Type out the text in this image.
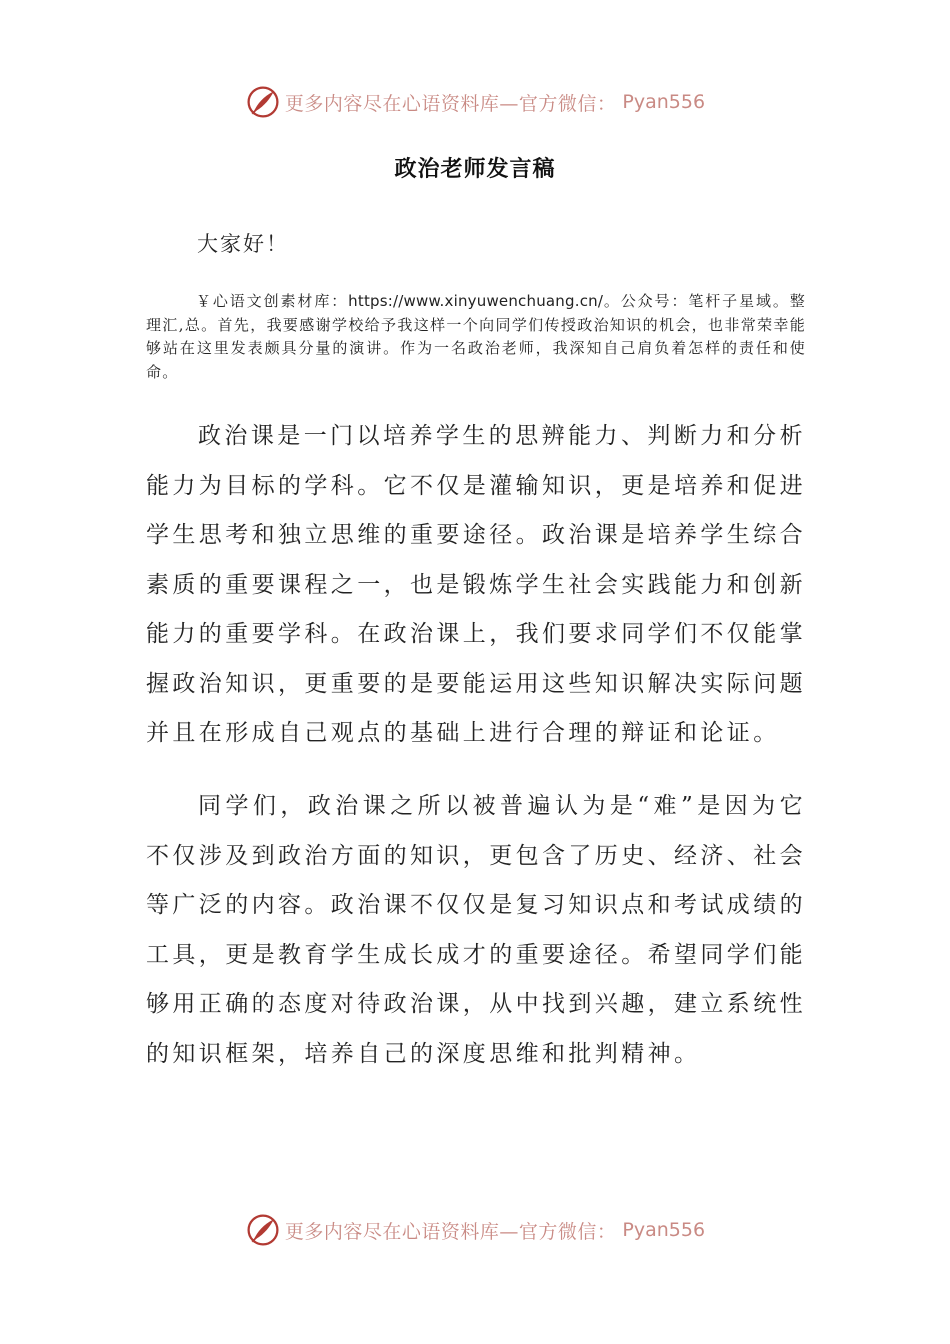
更多内容尽在心语资料库—官方微信： Pyan556
政治老师发言稿
大家好！
￥心语文创素材库：https://www.xinyuwenchuang.cn/。公众号：笔杆子星域。整理汇,总。首先，我要感谢学校给予我这样一个向同学们传授政治知识的机会，也非常荣幸能够站在这里发表颇具分量的演讲。作为一名政治老师，我深知自己肩负着怎样的责任和使命。

政治课是一门以培养学生的思辨能力、判断力和分析能力为目标的学科。它不仅是灌输知识，更是培养和促进学生思考和独立思维的重要途径。政治课是培养学生综合素质的重要课程之一，也是锻炼学生社会实践能力和创新能力的重要学科。在政治课上，我们要求同学们不仅能掌握政治知识，更重要的是要能运用这些知识解决实际问题并且在形成自己观点的基础上进行合理的辩证和论证。

同学们，政治课之所以被普遍认为是“难”是因为它不仅涉及到政治方面的知识，更包含了历史、经济、社会等广泛的内容。政治课不仅仅是复习知识点和考试成绩的工具，更是教育学生成长成才的重要途径。希望同学们能够用正确的态度对待政治课，从中找到兴趣，建立系统性的知识框架，培养自己的深度思维和批判精神。

更多内容尽在心语资料库—官方微信： Pyan556
